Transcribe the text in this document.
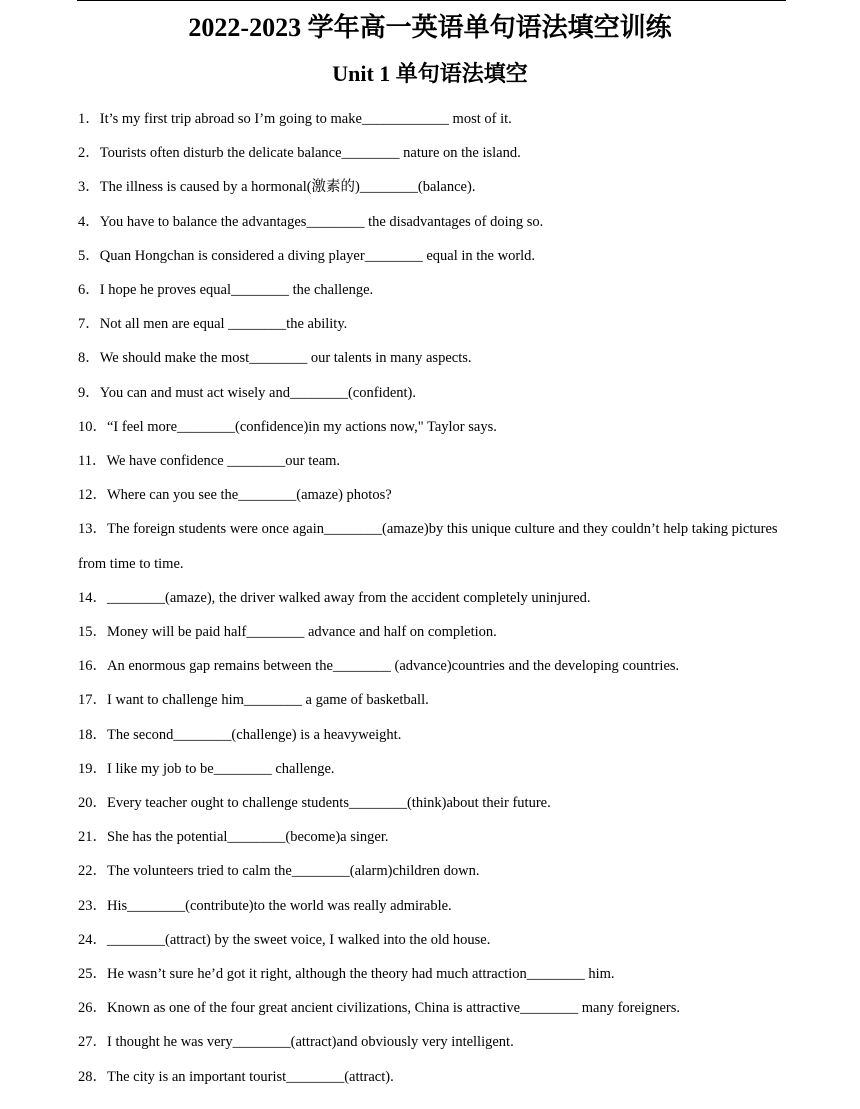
2022-2023 学年高一英语单句语法填空训练
Unit 1 单句语法填空
1．It’s my first trip abroad so I’m going to make____________ most of it.
2．Tourists often disturb the delicate balance________ nature on the island.
3．The illness is caused by a hormonal(激素的)________(balance).
4．You have to balance the advantages________ the disadvantages of doing so.
5．Quan Hongchan is considered a diving player________ equal in the world.
6．I hope he proves equal________ the challenge.
7．Not all men are equal ________the ability.
8．We should make the most________ our talents in many aspects.
9．You can and must act wisely and________(confident).
10．“I feel more________(confidence)in my actions now," Taylor says.
11．We have confidence ________our team.
12．Where can you see the________(amaze) photos?
13．The foreign students were once again________(amaze)by this unique culture and they couldn’t help taking pictures from time to time.
14．________(amaze), the driver walked away from the accident completely uninjured.
15．Money will be paid half________ advance and half on completion.
16．An enormous gap remains between the________ (advance)countries and the developing countries.
17．I want to challenge him________ a game of basketball.
18．The second________(challenge) is a heavyweight.
19．I like my job to be________ challenge.
20．Every teacher ought to challenge students________(think)about their future.
21．She has the potential________(become)a singer.
22．The volunteers tried to calm the________(alarm)children down.
23．His________(contribute)to the world was really admirable.
24．________(attract) by the sweet voice, I walked into the old house.
25．He wasn’t sure he’d got it right, although the theory had much attraction________ him.
26．Known as one of the four great ancient civilizations, China is attractive________ many foreigners.
27．I thought he was very________(attract)and obviously very intelligent.
28．The city is an important tourist________(attract).
